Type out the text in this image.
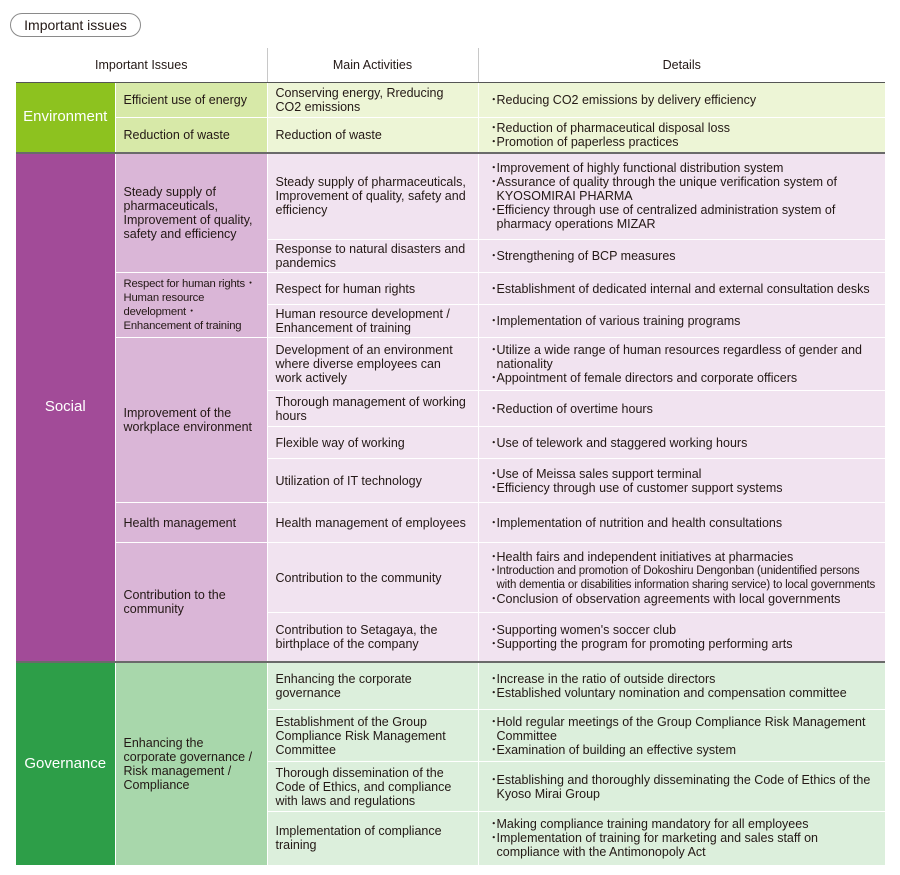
Important issues
Important Issues		Main Activities	Details
Environment	Efficient use of energy	Conserving energy, Rreducing CO2 emissions	・ Reducing CO2 emissions by delivery efficiency

	Reduction of waste	Reduction of waste	・ Reduction of pharmaceutical disposal loss
・ Promotion of paperless practices

Social	Steady supply of pharmaceuticals, Improvement of quality, safety and efficiency	Steady supply of pharmaceuticals, Improvement of quality, safety and efficiency	・ Improvement of highly functional distribution system
・ Assurance of quality through the unique verification system of KYOSOMIRAI PHARMA
・ Efficiency through use of centralized administration system of pharmacy operations MIZAR

		Response to natural disasters and pandemics	・ Strengthening of BCP measures

	Respect for human rights・Human resource development・Enhancement of training	Respect for human rights	・ Establishment of dedicated internal and external consultation desks

		Human resource development / Enhancement of training	・ Implementation of various training programs

	Improvement of the workplace environment	Development of an environment where diverse employees can work actively	・ Utilize a wide range of human resources regardless of gender and nationality
・ Appointment of female directors and corporate officers

		Thorough management of working hours	・ Reduction of overtime hours

		Flexible way of working	・ Use of telework and staggered working hours

		Utilization of IT technology	・ Use of Meissa sales support terminal
・ Efficiency through use of customer support systems

	Health management	Health management of employees	・ Implementation of nutrition and health consultations

	Contribution to the community	Contribution to the community	・ Health fairs and independent initiatives at pharmacies
・ Introduction and promotion of Dokoshiru Dengonban (unidentified persons with dementia or disabilities information sharing service) to local governments
・ Conclusion of observation agreements with local governments

		Contribution to Setagaya, the birthplace of the company	・ Supporting women's soccer club
・ Supporting the program for promoting performing arts

Governance	Enhancing the corporate governance / Risk management / Compliance	Enhancing the corporate governance	・ Increase in the ratio of outside directors
・ Established voluntary nomination and compensation committee

		Establishment of the Group Compliance Risk Management Committee	・ Hold regular meetings of the Group Compliance Risk Management Committee
・ Examination of building an effective system

		Thorough dissemination of the Code of Ethics, and compliance with laws and regulations	・ Establishing and thoroughly disseminating the Code of Ethics of the Kyoso Mirai Group

		Implementation of compliance training	・ Making compliance training mandatory for all employees
・ Implementation of training for marketing and sales staff on compliance with the Antimonopoly Act
